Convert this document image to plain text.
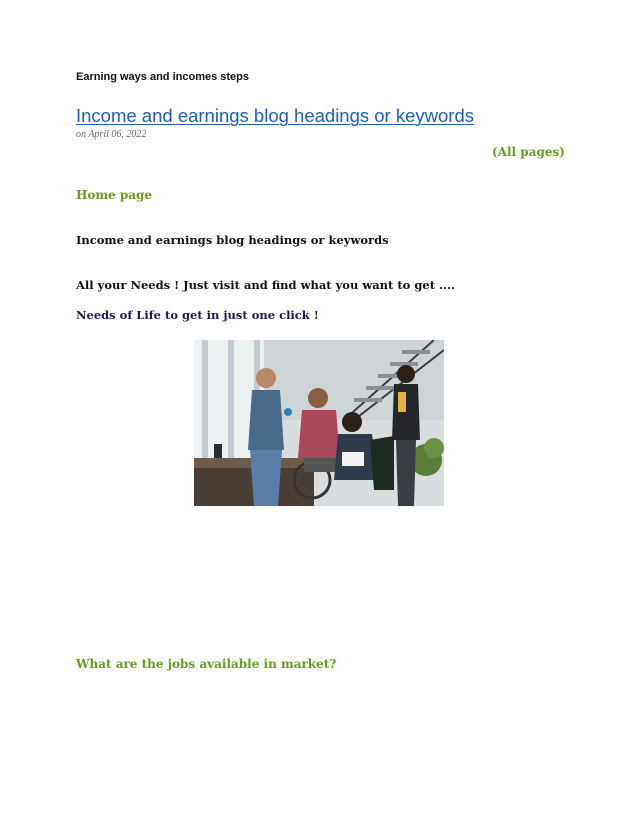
Earning ways and incomes steps
Income and earnings blog headings or keywords
on April 06, 2022
(All pages)
Home page
Income and earnings blog headings or keywords
All your Needs ! Just visit and find what you want to get ....
Needs of Life to get in just one click !
What are the jobs available in market?
